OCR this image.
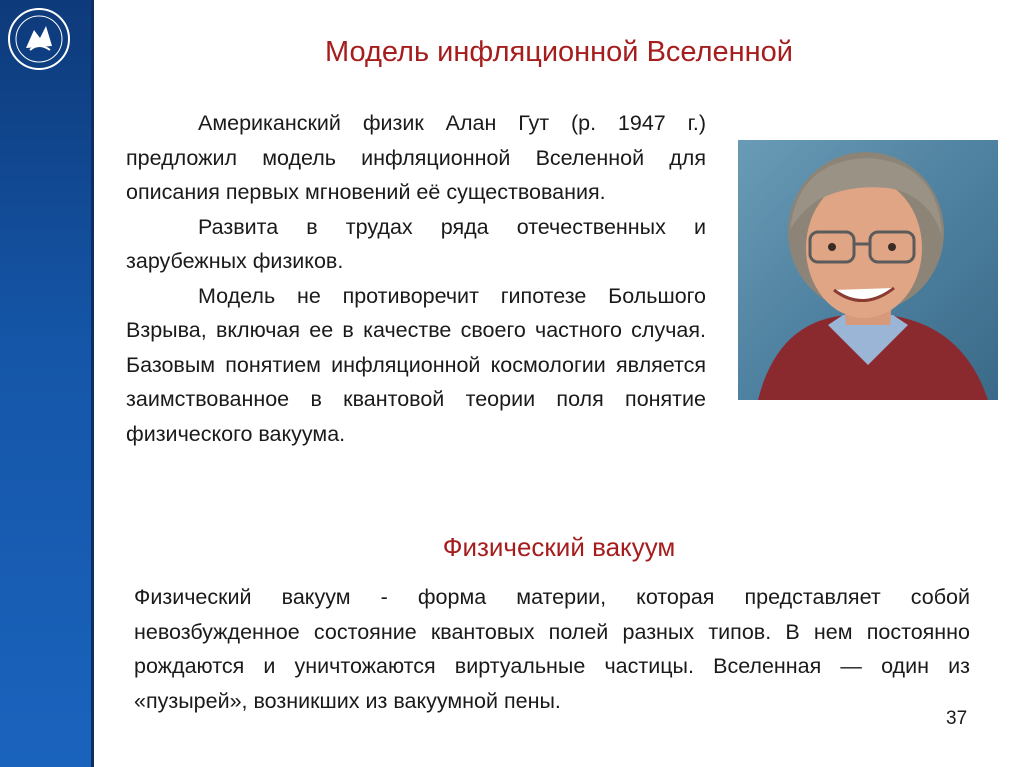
Модель инфляционной Вселенной

Американский физик Алан Гут (р. 1947 г.) предложил модель инфляционной Вселенной для описания первых мгновений её существования.

Развита в трудах ряда отечественных и зарубежных физиков.

Модель не противоречит гипотезе Большого Взрыва, включая ее в качестве своего частного случая. Базовым понятием инфляционной космологии является заимствованное в квантовой теории поля понятие физического вакуума.

Физический вакуум

Физический вакуум - форма материи, которая представляет собой невозбужденное состояние квантовых полей разных типов. В нем постоянно рождаются и уничтожаются виртуальные частицы. Вселенная — один из «пузырей», возникших из вакуумной пены.

37
